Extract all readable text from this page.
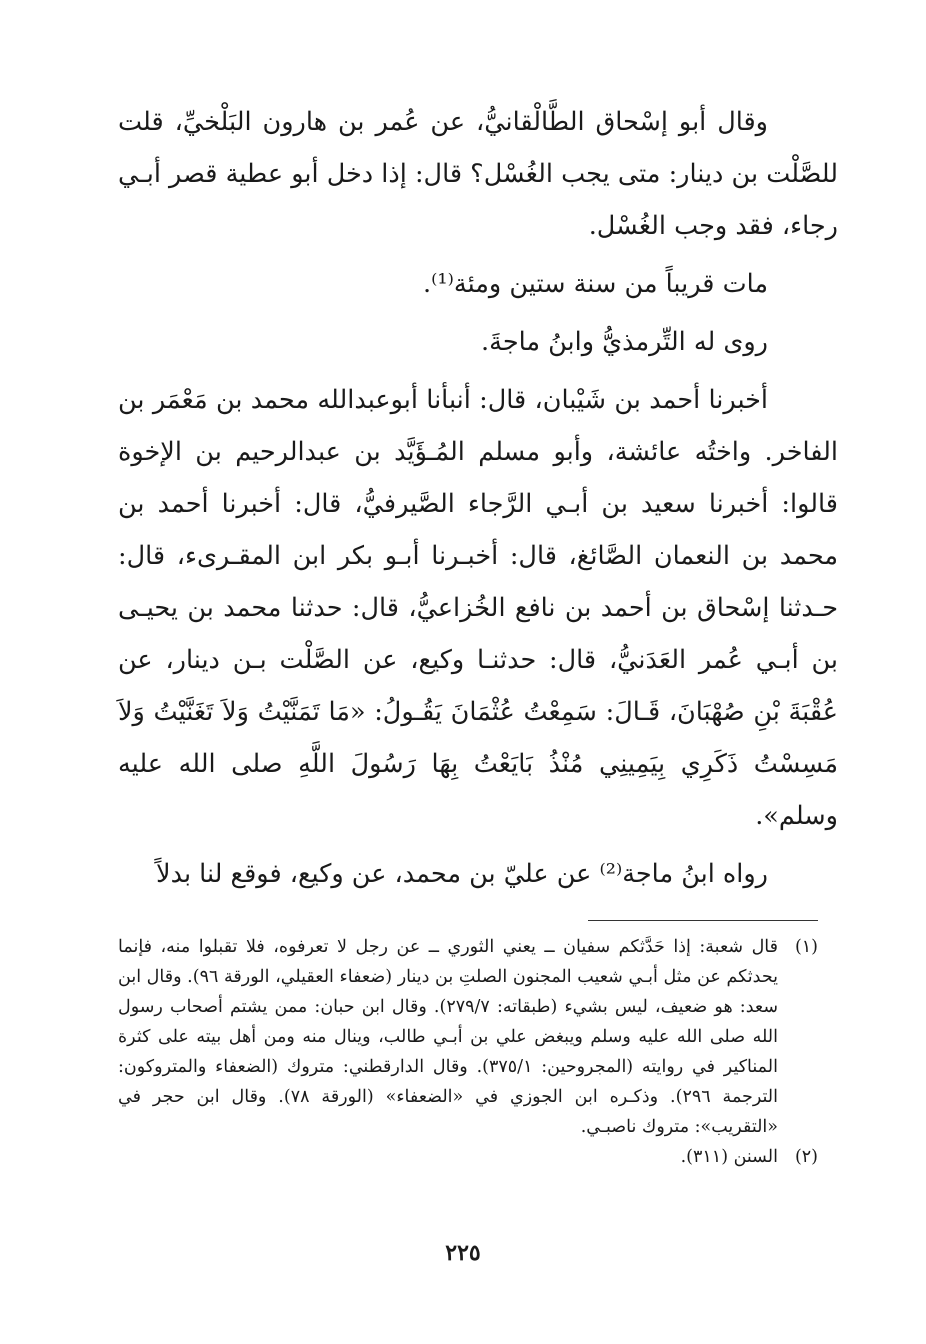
وقال أبو إسْحاق الطَّالْقانيُّ، عن عُمر بن هارون البَلْخيِّ، قلت للصَّلْت بن دينار: متى يجب الغُسْل؟ قال: إذا دخل أبو عطية قصر أبـي رجاء، فقد وجب الغُسْل.

مات قريباً من سنة ستين ومئة⁽¹⁾.

روى له التِّرمذيُّ وابنُ ماجةَ.

أخبرنا أحمد بن شَيْبان، قال: أنبأنا أبوعبدالله محمد بن مَعْمَر بن الفاخر. واختُه عائشة، وأبو مسلم المُـؤَيَّد بن عبدالرحيم بن الإخوة قالوا: أخبرنا سعيد بن أبـي الرَّجاء الصَّيرفيُّ، قال: أخبرنا أحمد بن محمد بن النعمان الصَّائغ، قال: أخبـرنا أبـو بكر ابن المقـرىء، قال: حـدثنا إسْحاق بن أحمد بن نافع الخُزاعيُّ، قال: حدثنا محمد بن يحيـى بن أبـي عُمر العَدَنيُّ، قال: حدثنـا وكيع، عن الصَّلْت بـن دينار، عن عُقْبَةَ بْنِ صُهْبَانَ، قَـالَ: سَمِعْتُ عُثْمَانَ يَقُـولُ: «مَا تَمَنَّيْتُ وَلاَ تَغَنَّيْتُ وَلاَ مَسِسْتُ ذَكَرِي بِيَمِينِي مُنْذُ بَايَعْتُ بِهَا رَسُولَ اللَّهِ صلى الله عليه وسلم».

رواه ابنُ ماجة⁽²⁾ عن عليّ بن محمد، عن وكيع، فوقع لنا بدلاً

(١)
قال شعبة: إذا حَدَّثكم سفيان ــ يعني الثوري ــ عن رجل لا تعرفوه، فلا تقبلوا منه، فإنما يحدثكم عن مثل أبـي شعيب المجنون الصلتِ بن دينار (ضعفاء العقيلي، الورقة ٩٦). وقال ابن سعد: هو ضعيف، ليس بشيء (طبقاته: ٢٧٩/٧). وقال ابن حبان: ممن يشتم أصحاب رسول الله صلى الله عليه وسلم ويبغض علي بن أبـي طالب، وينال منه ومن أهل بيته على كثرة المناكير في روايته (المجروحين: ٣٧٥/١). وقال الدارقطني: متروك (الضعفاء والمتروكون: الترجمة ٢٩٦). وذكـره ابن الجوزي في «الضعفاء» (الورقة ٧٨). وقال ابن حجر في «التقريب»: متروك ناصبـي.
(٢)
السنن (٣١١).
٢٢٥
